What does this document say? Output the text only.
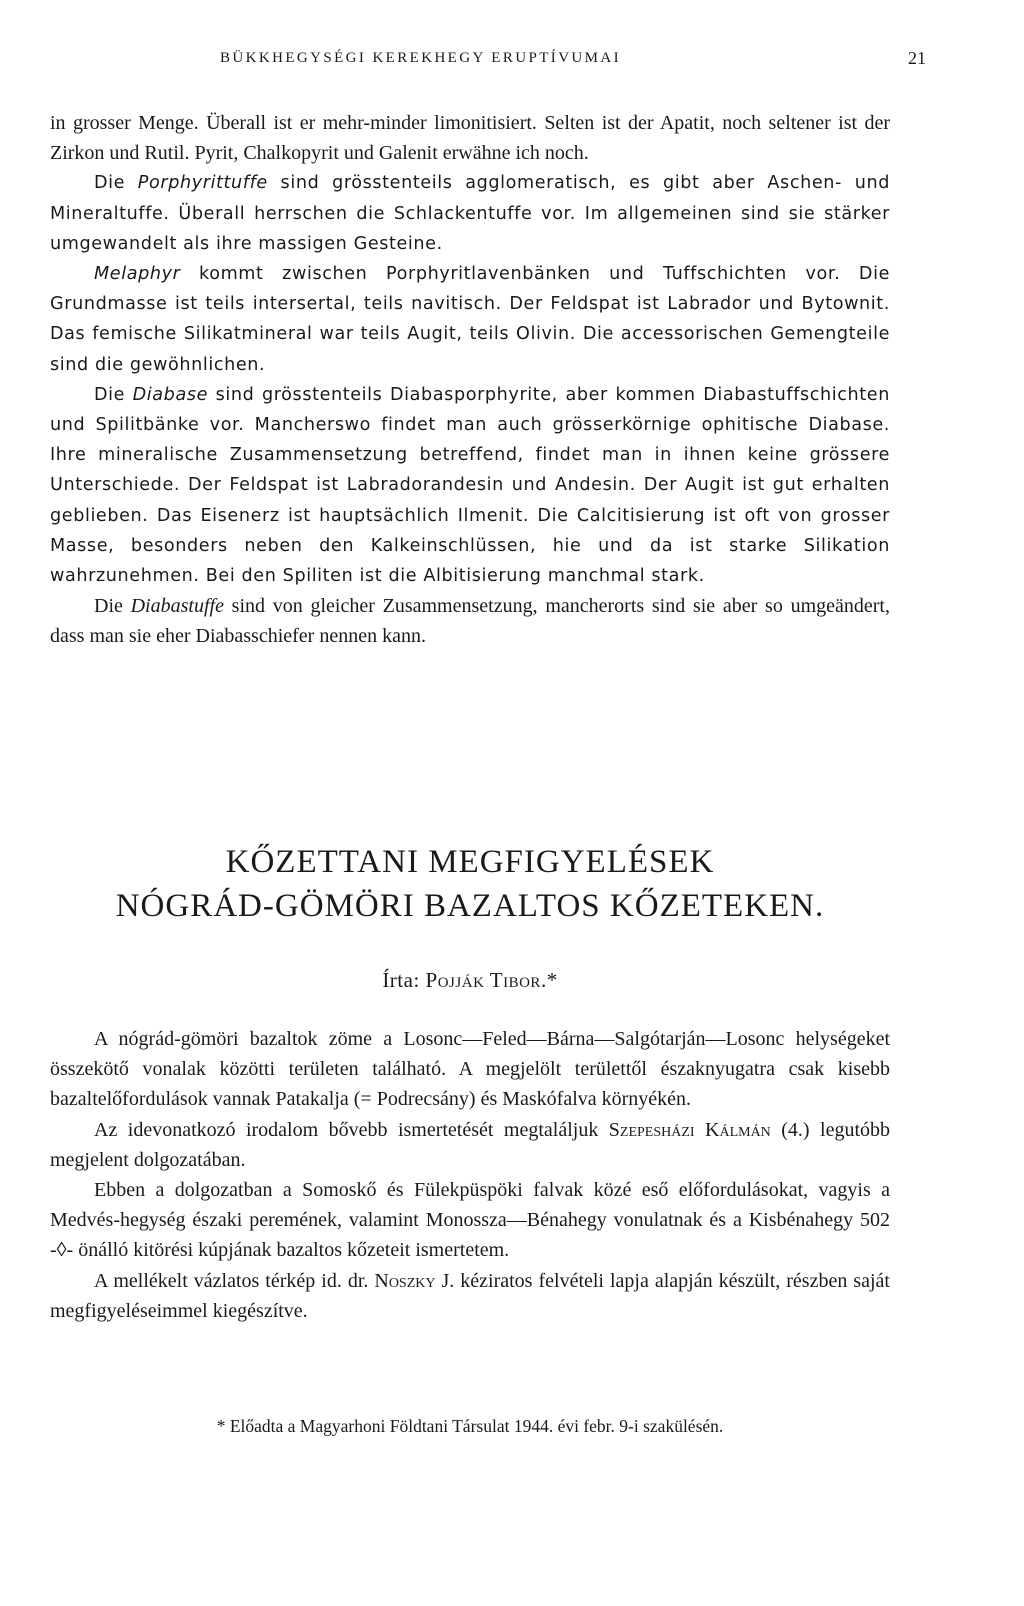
BÜKKHEGYSÉGI KEREKHEGY ERUPTÍVUMAI	21

in grosser Menge. Überall ist er mehr-minder limonitisiert. Selten ist der Apatit, noch seltener ist der Zirkon und Rutil. Pyrit, Chalkopyrit und Galenit erwähne ich noch.

Die Porphyrittuffe sind grösstenteils agglomeratisch, es gibt aber Aschen- und Mineraltuffe. Überall herrschen die Schlackentuffe vor. Im allgemeinen sind sie stärker umgewandelt als ihre massigen Gesteine.

Melaphyr kommt zwischen Porphyritlavenbänken und Tuffschichten vor. Die Grundmasse ist teils intersertal, teils navitisch. Der Feldspat ist Labrador und Bytownit. Das femische Silikatmineral war teils Augit, teils Olivin. Die accessorischen Gemengteile sind die gewöhnlichen.

Die Diabase sind grösstenteils Diabasporphyrite, aber kommen Diabastuffschichten und Spilitbänke vor. Mancherswo findet man auch grösserkörnige ophitische Diabase. Ihre mineralische Zusammensetzung betreffend, findet man in ihnen keine grössere Unterschiede. Der Feldspat ist Labradorandesin und Andesin. Der Augit ist gut erhalten geblieben. Das Eisenerz ist hauptsächlich Ilmenit. Die Calcitisierung ist oft von grosser Masse, besonders neben den Kalkeinschlüssen, hie und da ist starke Silikation wahrzunehmen. Bei den Spiliten ist die Albitisierung manchmal stark.

Die Diabastuffe sind von gleicher Zusammensetzung, mancherorts sind sie aber so umgeändert, dass man sie eher Diabasschiefer nennen kann.

KŐZETTANI MEGFIGYELÉSEK
NÓGRÁD-GÖMÖRI BAZALTOS KŐZETEKEN.
Írta: Pojják Tibor.*

A nógrád-gömöri bazaltok zöme a Losonc—Feled—Bárna—Salgótarján—Losonc helységeket összekötő vonalak közötti területen található. A megjelölt területtől északnyugatra csak kisebb bazaltelőfordulások vannak Patakalja (= Podrecsány) és Maskófalva környékén.

Az idevonatkozó irodalom bővebb ismertetését megtaláljuk Szepesházi Kálmán (4.) legutóbb megjelent dolgozatában.

Ebben a dolgozatban a Somoskő és Fülekpüspöki falvak közé eső előfordulásokat, vagyis a Medvés-hegység északi peremének, valamint Monossza—Bénahegy vonulatnak és a Kisbénahegy 502 -◊- önálló kitörési kúpjának bazaltos kőzeteit ismertetem.

A mellékelt vázlatos térkép id. dr. Noszky J. kéziratos felvételi lapja alapján készült, részben saját megfigyeléseimmel kiegészítve.

* Előadta a Magyarhoni Földtani Társulat 1944. évi febr. 9-i szakülésén.
